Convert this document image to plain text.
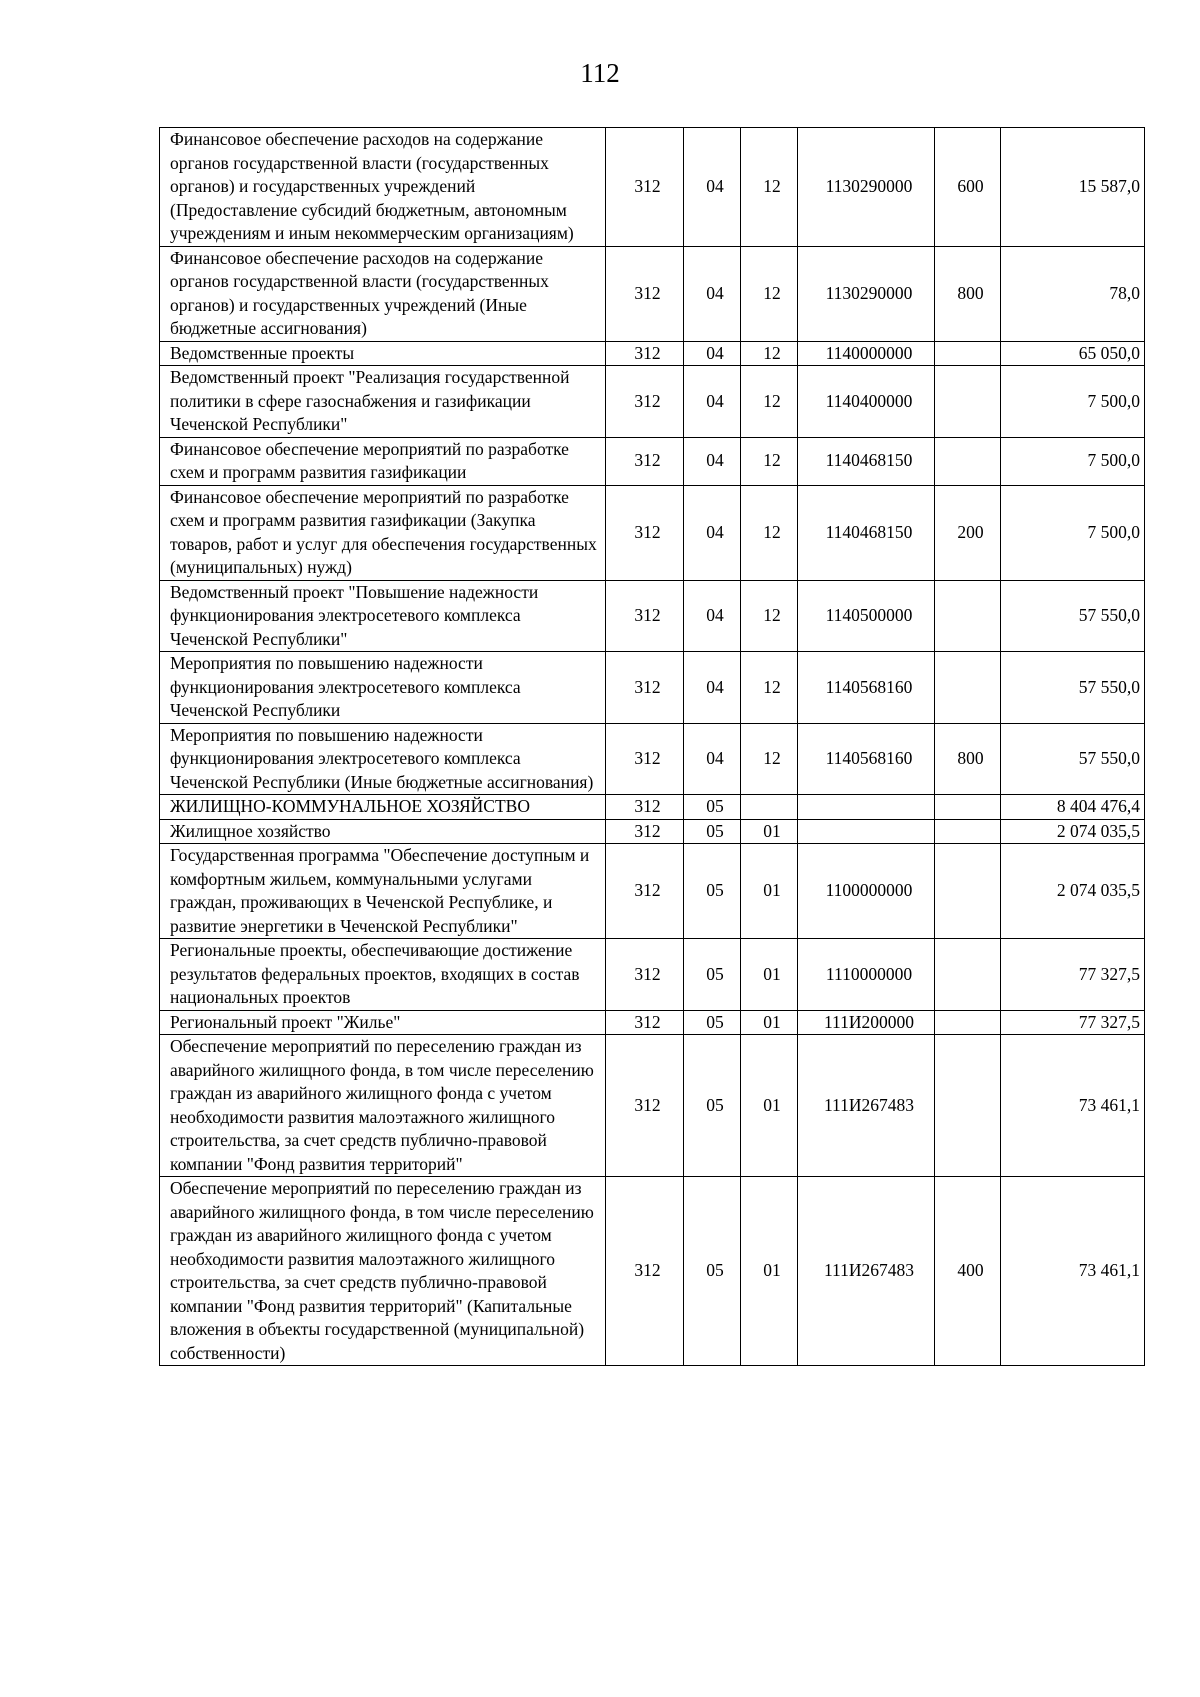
112
Финансовое обеспечение расходов на содержание органов государственной власти (государственных органов) и государственных учреждений (Предоставление субсидий бюджетным, автономным учреждениям и иным некоммерческим организациям)	312	04	12	1130290000	600	15 587,0
Финансовое обеспечение расходов на содержание органов государственной власти (государственных органов) и государственных учреждений (Иные бюджетные ассигнования)	312	04	12	1130290000	800	78,0
Ведомственные проекты	312	04	12	1140000000		65 050,0
Ведомственный проект "Реализация государственной политики в сфере газоснабжения и газификации Чеченской Республики"	312	04	12	1140400000		7 500,0
Финансовое обеспечение мероприятий по разработке схем и программ развития газификации	312	04	12	1140468150		7 500,0
Финансовое обеспечение мероприятий по разработке схем и программ развития газификации (Закупка товаров, работ и услуг для обеспечения государственных (муниципальных) нужд)	312	04	12	1140468150	200	7 500,0
Ведомственный проект "Повышение надежности функционирования электросетевого комплекса Чеченской Республики"	312	04	12	1140500000		57 550,0
Мероприятия по повышению надежности функционирования электросетевого комплекса Чеченской Республики	312	04	12	1140568160		57 550,0
Мероприятия по повышению надежности функционирования электросетевого комплекса Чеченской Республики (Иные бюджетные ассигнования)	312	04	12	1140568160	800	57 550,0
ЖИЛИЩНО-КОММУНАЛЬНОЕ ХОЗЯЙСТВО	312	05				8 404 476,4
Жилищное хозяйство	312	05	01			2 074 035,5
Государственная программа "Обеспечение доступным и комфортным жильем, коммунальными услугами граждан, проживающих в Чеченской Республике, и развитие энергетики в Чеченской Республики"	312	05	01	1100000000		2 074 035,5
Региональные проекты, обеспечивающие достижение результатов федеральных проектов, входящих в состав национальных проектов	312	05	01	1110000000		77 327,5
Региональный проект "Жилье"	312	05	01	111И200000		77 327,5
Обеспечение мероприятий по переселению граждан из аварийного жилищного фонда, в том числе переселению граждан из аварийного жилищного фонда с учетом необходимости развития малоэтажного жилищного строительства, за счет средств публично-правовой компании "Фонд развития территорий"	312	05	01	111И267483		73 461,1
Обеспечение мероприятий по переселению граждан из аварийного жилищного фонда, в том числе переселению граждан из аварийного жилищного фонда с учетом необходимости развития малоэтажного жилищного строительства, за счет средств публично-правовой компании "Фонд развития территорий" (Капитальные вложения в объекты государственной (муниципальной) собственности)	312	05	01	111И267483	400	73 461,1
